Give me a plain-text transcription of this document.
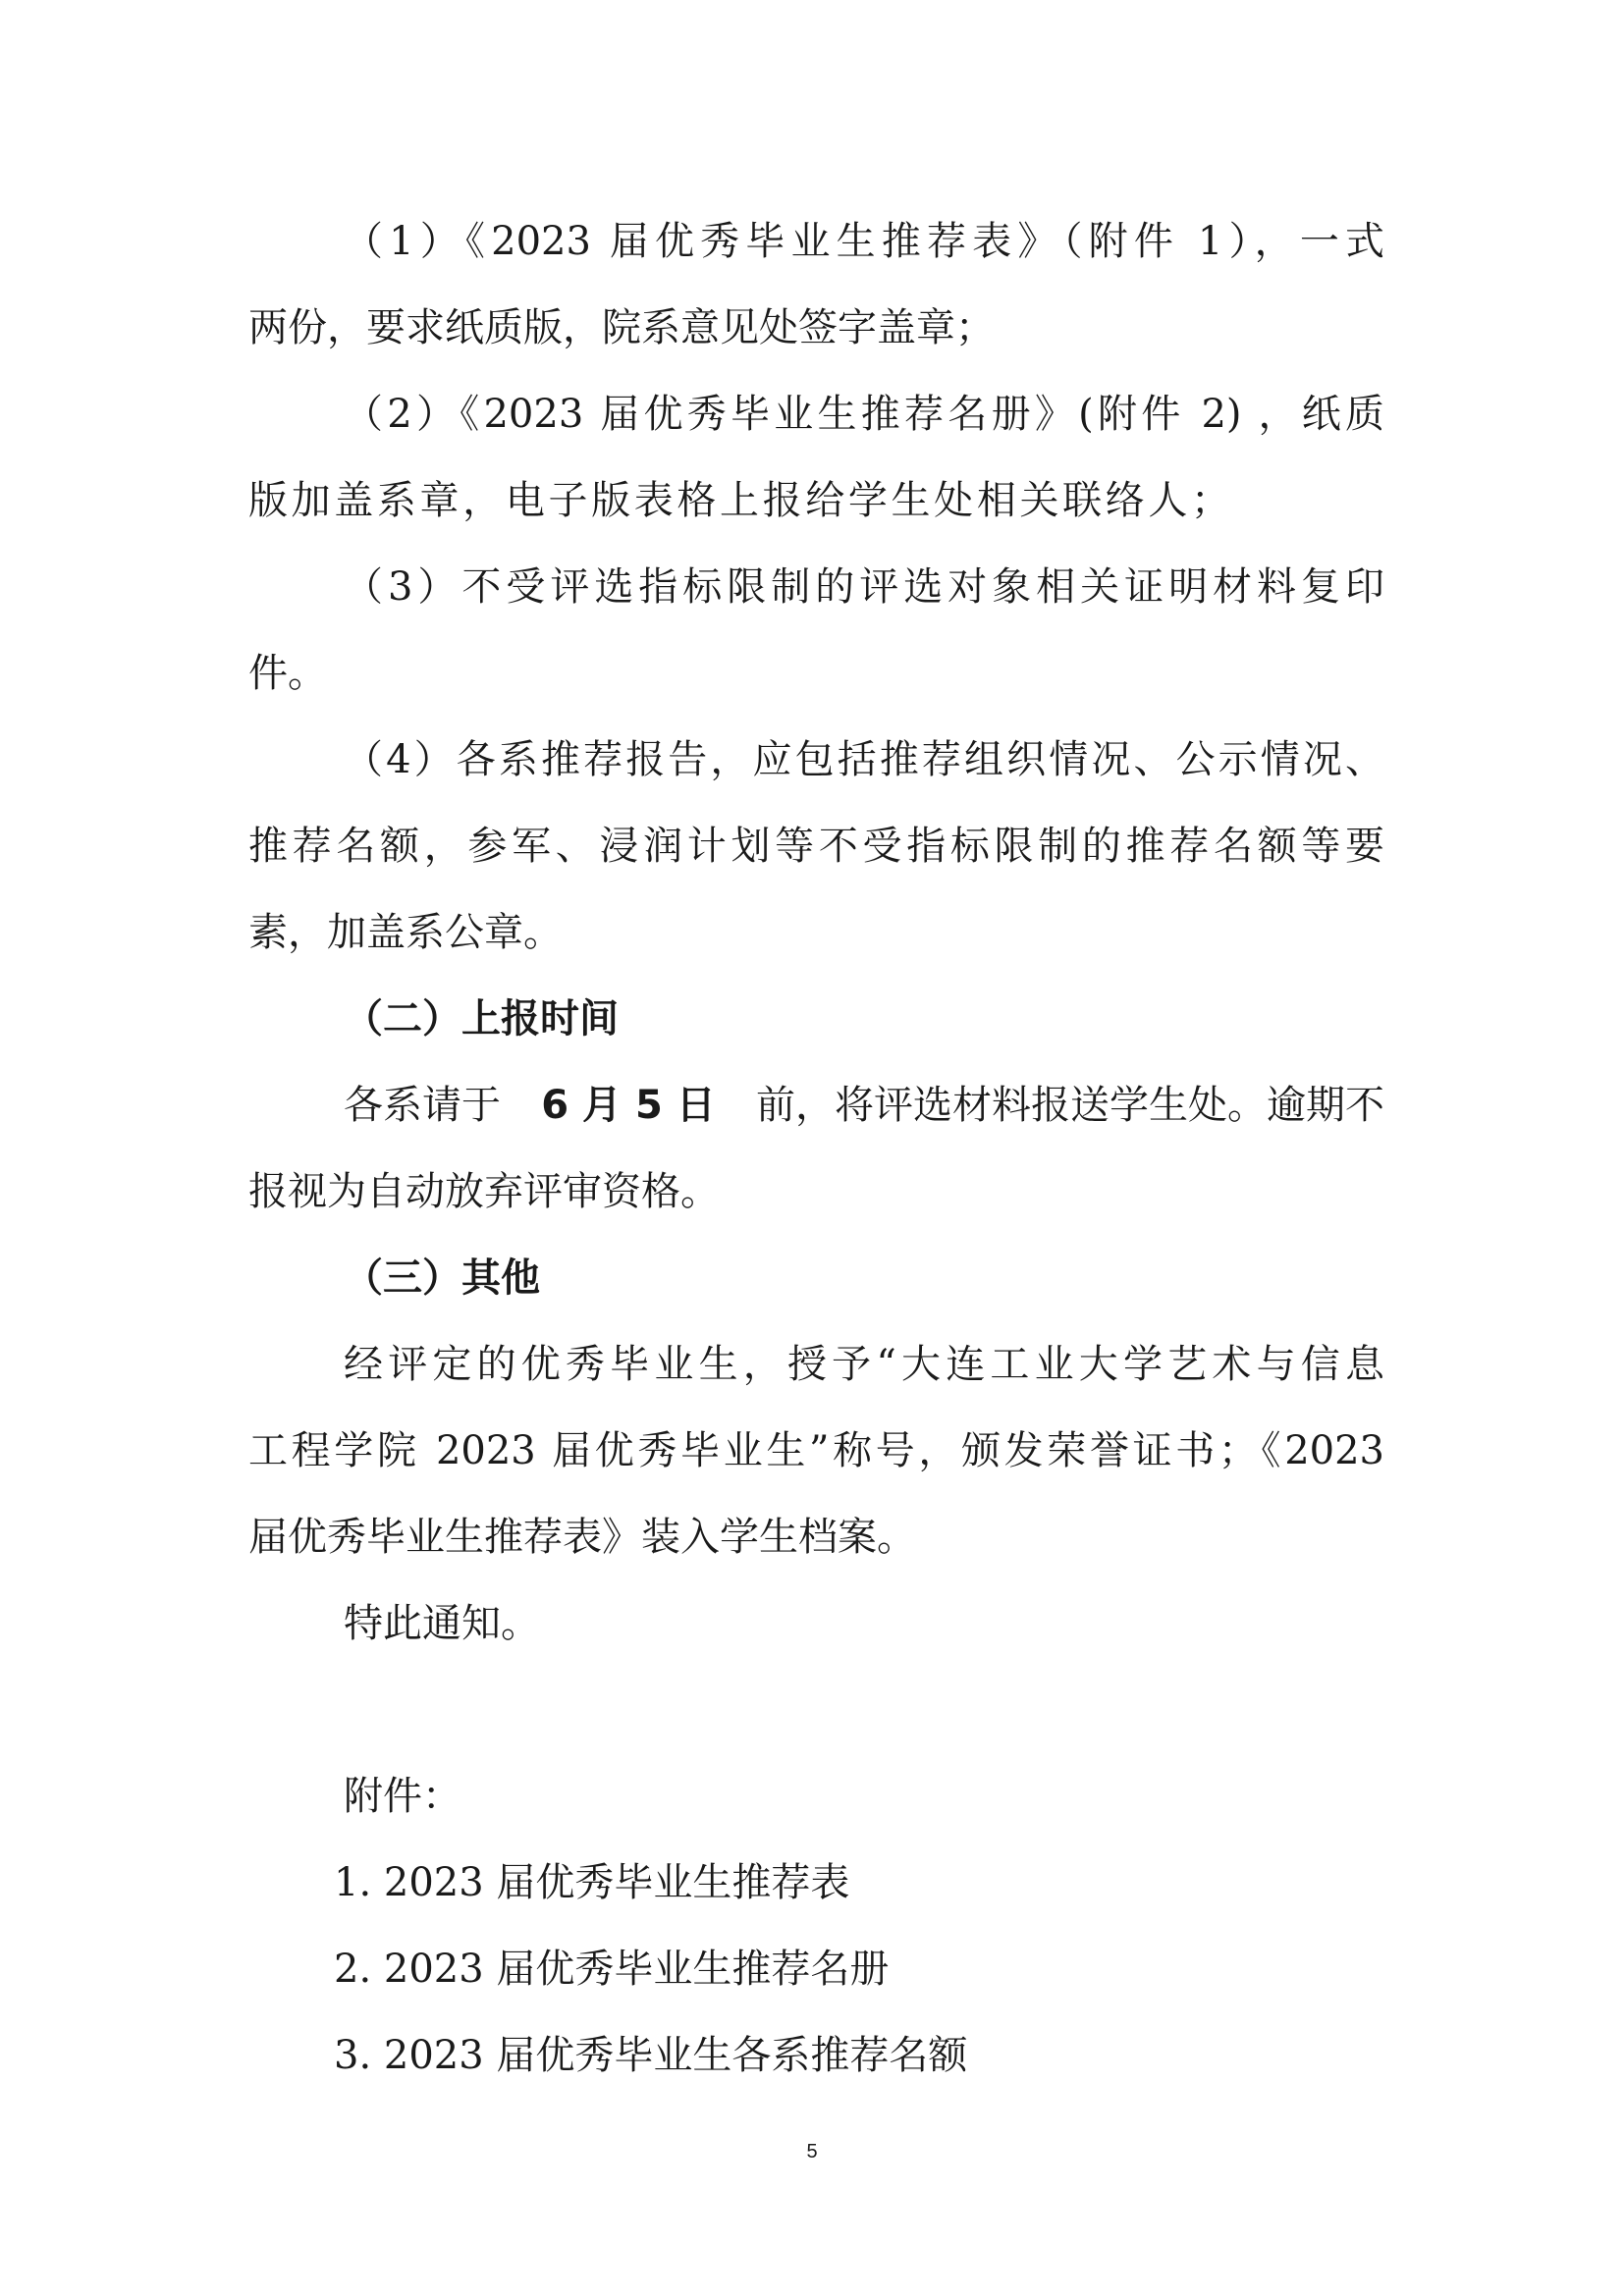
（1）《2023 届优秀毕业生推荐表》（附件 1），一式
两份，要求纸质版，院系意见处签字盖章；
（2）《2023 届优秀毕业生推荐名册》(附件 2) ，纸质
版加盖系章，电子版表格上报给学生处相关联络人；
（3）不受评选指标限制的评选对象相关证明材料复印
件。
（4）各系推荐报告，应包括推荐组织情况、公示情况、
推荐名额，参军、浸润计划等不受指标限制的推荐名额等要
素，加盖系公章。
（二）上报时间
各系请于 6 月 5 日 前，将评选材料报送学生处。逾期不
报视为自动放弃评审资格。
（三）其他
经评定的优秀毕业生，授予“大连工业大学艺术与信息
工程学院 2023 届优秀毕业生”称号，颁发荣誉证书；《2023
届优秀毕业生推荐表》装入学生档案。
特此通知。
附件：
1. 2023 届优秀毕业生推荐表
2. 2023 届优秀毕业生推荐名册
3. 2023 届优秀毕业生各系推荐名额
5
